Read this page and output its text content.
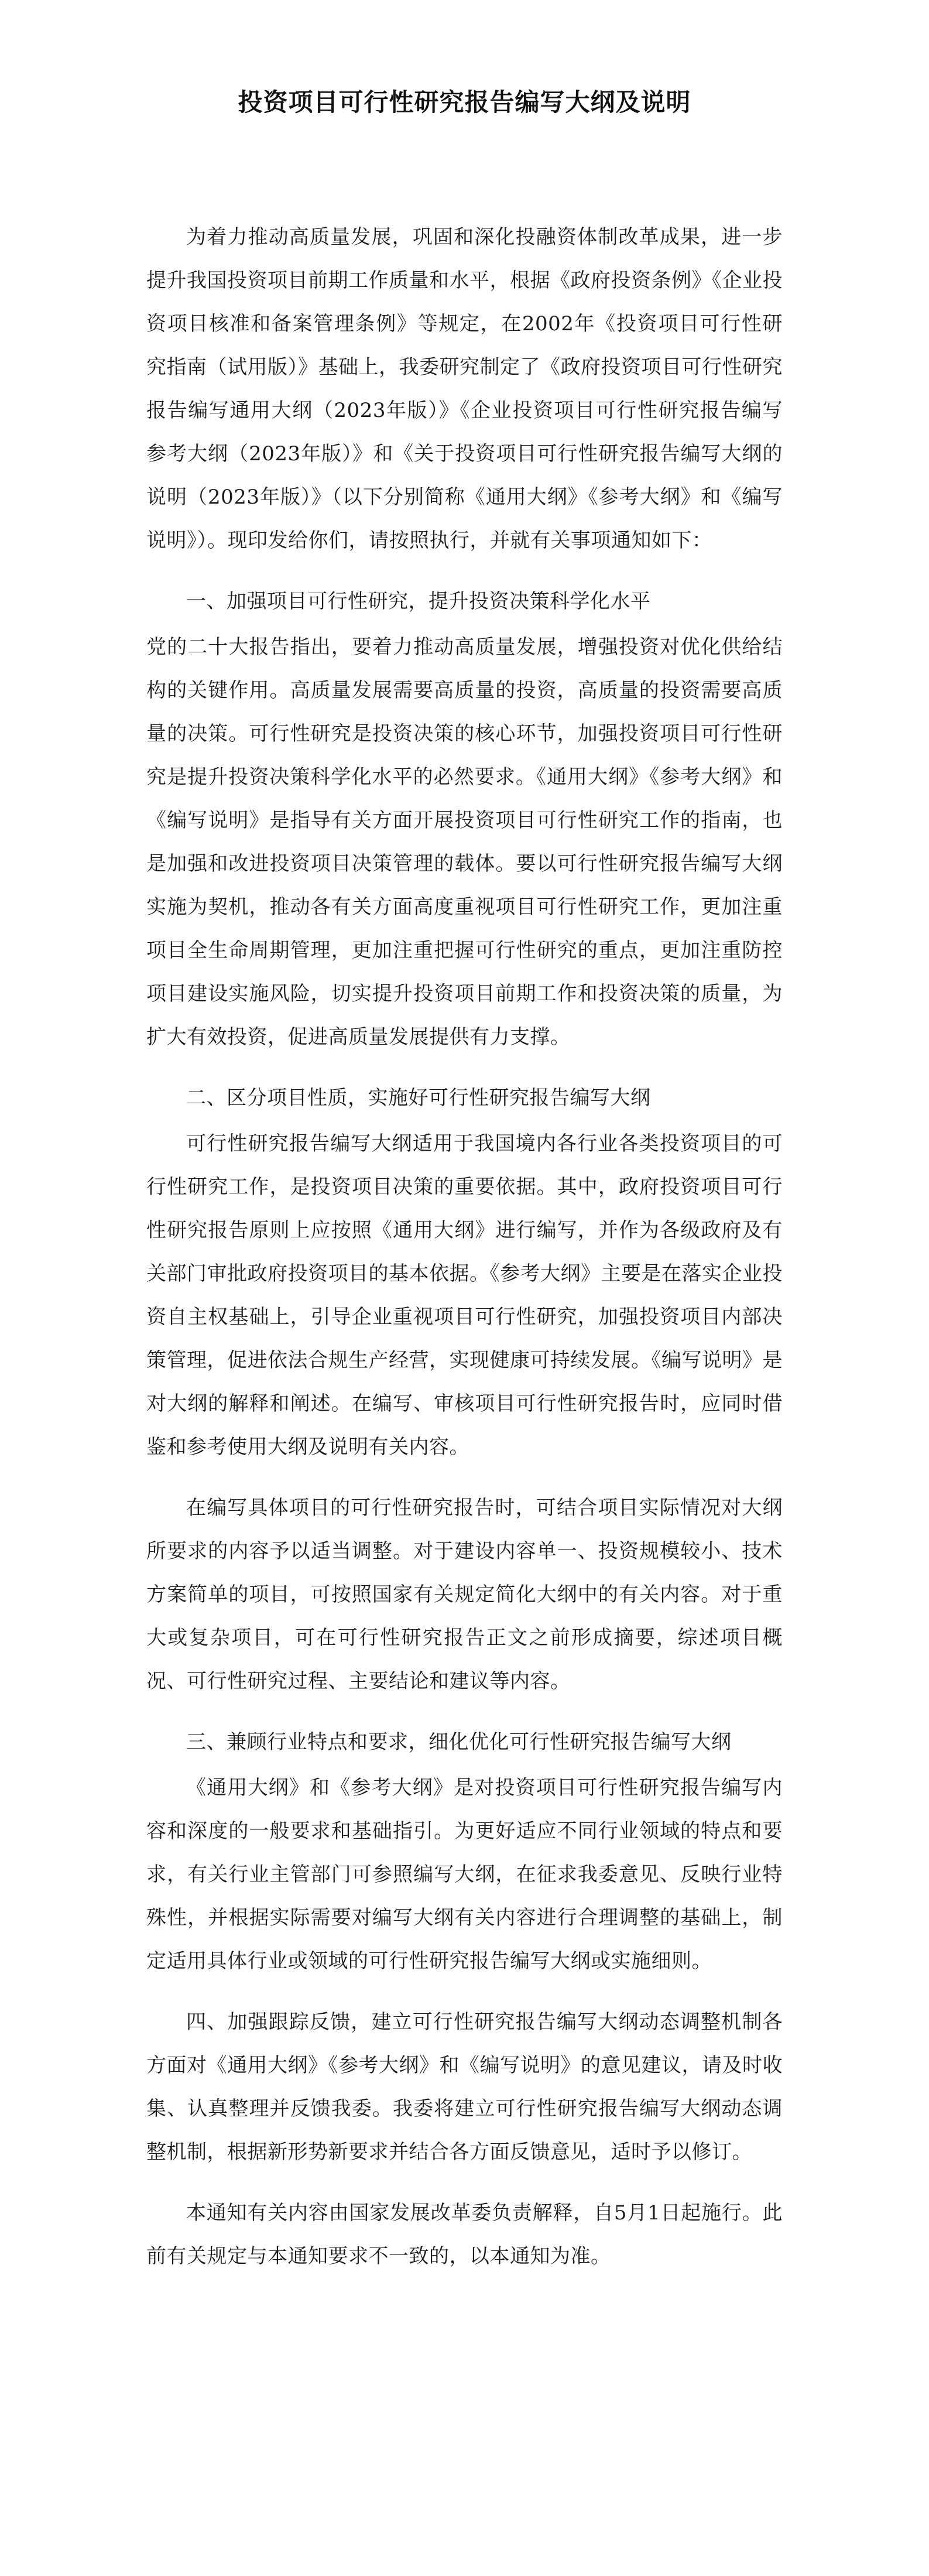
投资项目可行性研究报告编写大纲及说明

为着力推动高质量发展，巩固和深化投融资体制改革成果，进一步提升我国投资项目前期工作质量和水平，根据《政府投资条例》《企业投资项目核准和备案管理条例》等规定，在2002年《投资项目可行性研究指南（试用版）》基础上，我委研究制定了《政府投资项目可行性研究报告编写通用大纲（2023年版）》《企业投资项目可行性研究报告编写参考大纲（2023年版）》和《关于投资项目可行性研究报告编写大纲的说明（2023年版）》（以下分别简称《通用大纲》《参考大纲》和《编写说明》）。现印发给你们，请按照执行，并就有关事项通知如下：

一、加强项目可行性研究，提升投资决策科学化水平

党的二十大报告指出，要着力推动高质量发展，增强投资对优化供给结构的关键作用。高质量发展需要高质量的投资，高质量的投资需要高质量的决策。可行性研究是投资决策的核心环节，加强投资项目可行性研究是提升投资决策科学化水平的必然要求。《通用大纲》《参考大纲》和《编写说明》是指导有关方面开展投资项目可行性研究工作的指南，也是加强和改进投资项目决策管理的载体。要以可行性研究报告编写大纲实施为契机，推动各有关方面高度重视项目可行性研究工作，更加注重项目全生命周期管理，更加注重把握可行性研究的重点，更加注重防控项目建设实施风险，切实提升投资项目前期工作和投资决策的质量，为扩大有效投资，促进高质量发展提供有力支撑。

二、区分项目性质，实施好可行性研究报告编写大纲

可行性研究报告编写大纲适用于我国境内各行业各类投资项目的可行性研究工作，是投资项目决策的重要依据。其中，政府投资项目可行性研究报告原则上应按照《通用大纲》进行编写，并作为各级政府及有关部门审批政府投资项目的基本依据。《参考大纲》主要是在落实企业投资自主权基础上，引导企业重视项目可行性研究，加强投资项目内部决策管理，促进依法合规生产经营，实现健康可持续发展。《编写说明》是对大纲的解释和阐述。在编写、审核项目可行性研究报告时，应同时借鉴和参考使用大纲及说明有关内容。

在编写具体项目的可行性研究报告时，可结合项目实际情况对大纲所要求的内容予以适当调整。对于建设内容单一、投资规模较小、技术方案简单的项目，可按照国家有关规定简化大纲中的有关内容。对于重大或复杂项目，可在可行性研究报告正文之前形成摘要，综述项目概况、可行性研究过程、主要结论和建议等内容。

三、兼顾行业特点和要求，细化优化可行性研究报告编写大纲

《通用大纲》和《参考大纲》是对投资项目可行性研究报告编写内容和深度的一般要求和基础指引。为更好适应不同行业领域的特点和要求，有关行业主管部门可参照编写大纲，在征求我委意见、反映行业特殊性，并根据实际需要对编写大纲有关内容进行合理调整的基础上，制定适用具体行业或领域的可行性研究报告编写大纲或实施细则。

四、加强跟踪反馈，建立可行性研究报告编写大纲动态调整机制各方面对《通用大纲》《参考大纲》和《编写说明》的意见建议，请及时收集、认真整理并反馈我委。我委将建立可行性研究报告编写大纲动态调整机制，根据新形势新要求并结合各方面反馈意见，适时予以修订。

本通知有关内容由国家发展改革委负责解释，自5月1日起施行。此前有关规定与本通知要求不一致的，以本通知为准。
